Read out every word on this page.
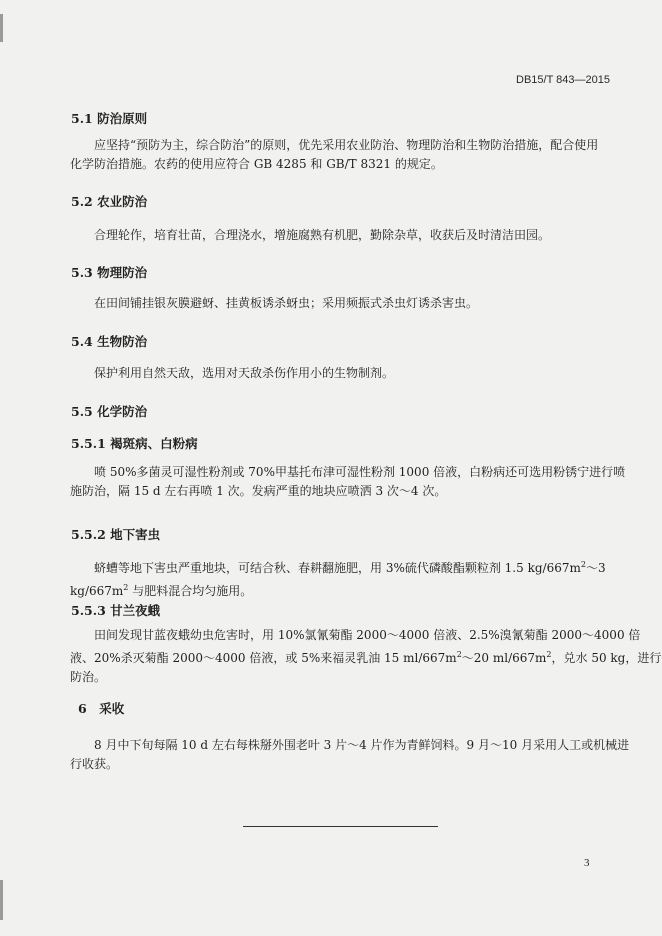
DB15/T 843—2015

5.1 防治原则

应坚持“预防为主，综合防治”的原则，优先采用农业防治、物理防治和生物防治措施，配合使用
化学防治措施。农药的使用应符合 GB 4285 和 GB/T 8321 的规定。

5.2 农业防治

合理轮作，培育壮苗，合理浇水，增施腐熟有机肥，勤除杂草，收获后及时清洁田园。

5.3 物理防治

在田间铺挂银灰膜避蚜、挂黄板诱杀蚜虫；采用频振式杀虫灯诱杀害虫。

5.4 生物防治

保护利用自然天敌，选用对天敌杀伤作用小的生物制剂。

5.5 化学防治

5.5.1 褐斑病、白粉病

喷 50%多菌灵可湿性粉剂或 70%甲基托布津可湿性粉剂 1000 倍液，白粉病还可选用粉锈宁进行喷
施防治，隔 15 d 左右再喷 1 次。发病严重的地块应喷洒 3 次～4 次。

5.5.2 地下害虫

蛴螬等地下害虫严重地块，可结合秋、春耕翻施肥，用 3%硫代磷酸酯颗粒剂 1.5 $kg/667m^2\sim 3$
$kg/667m^2$ 与肥料混合均匀施用。

5.5.3 甘兰夜蛾

田间发现甘蓝夜蛾幼虫危害时，用 10%氯氰菊酯 2000～4000 倍液、2.5%溴氰菊酯 2000～4000 倍
液、20%杀灭菊酯 2000～4000 倍液，或 5%来福灵乳油 15 $ml/667m^2\sim 20$ $ml/667m^2$，兑水 50 kg，进行
防治。

6　采收

8 月中下旬每隔 10 d 左右每株掰外围老叶 3 片～4 片作为青鲜饲料。9 月～10 月采用人工或机械进
行收获。

3
